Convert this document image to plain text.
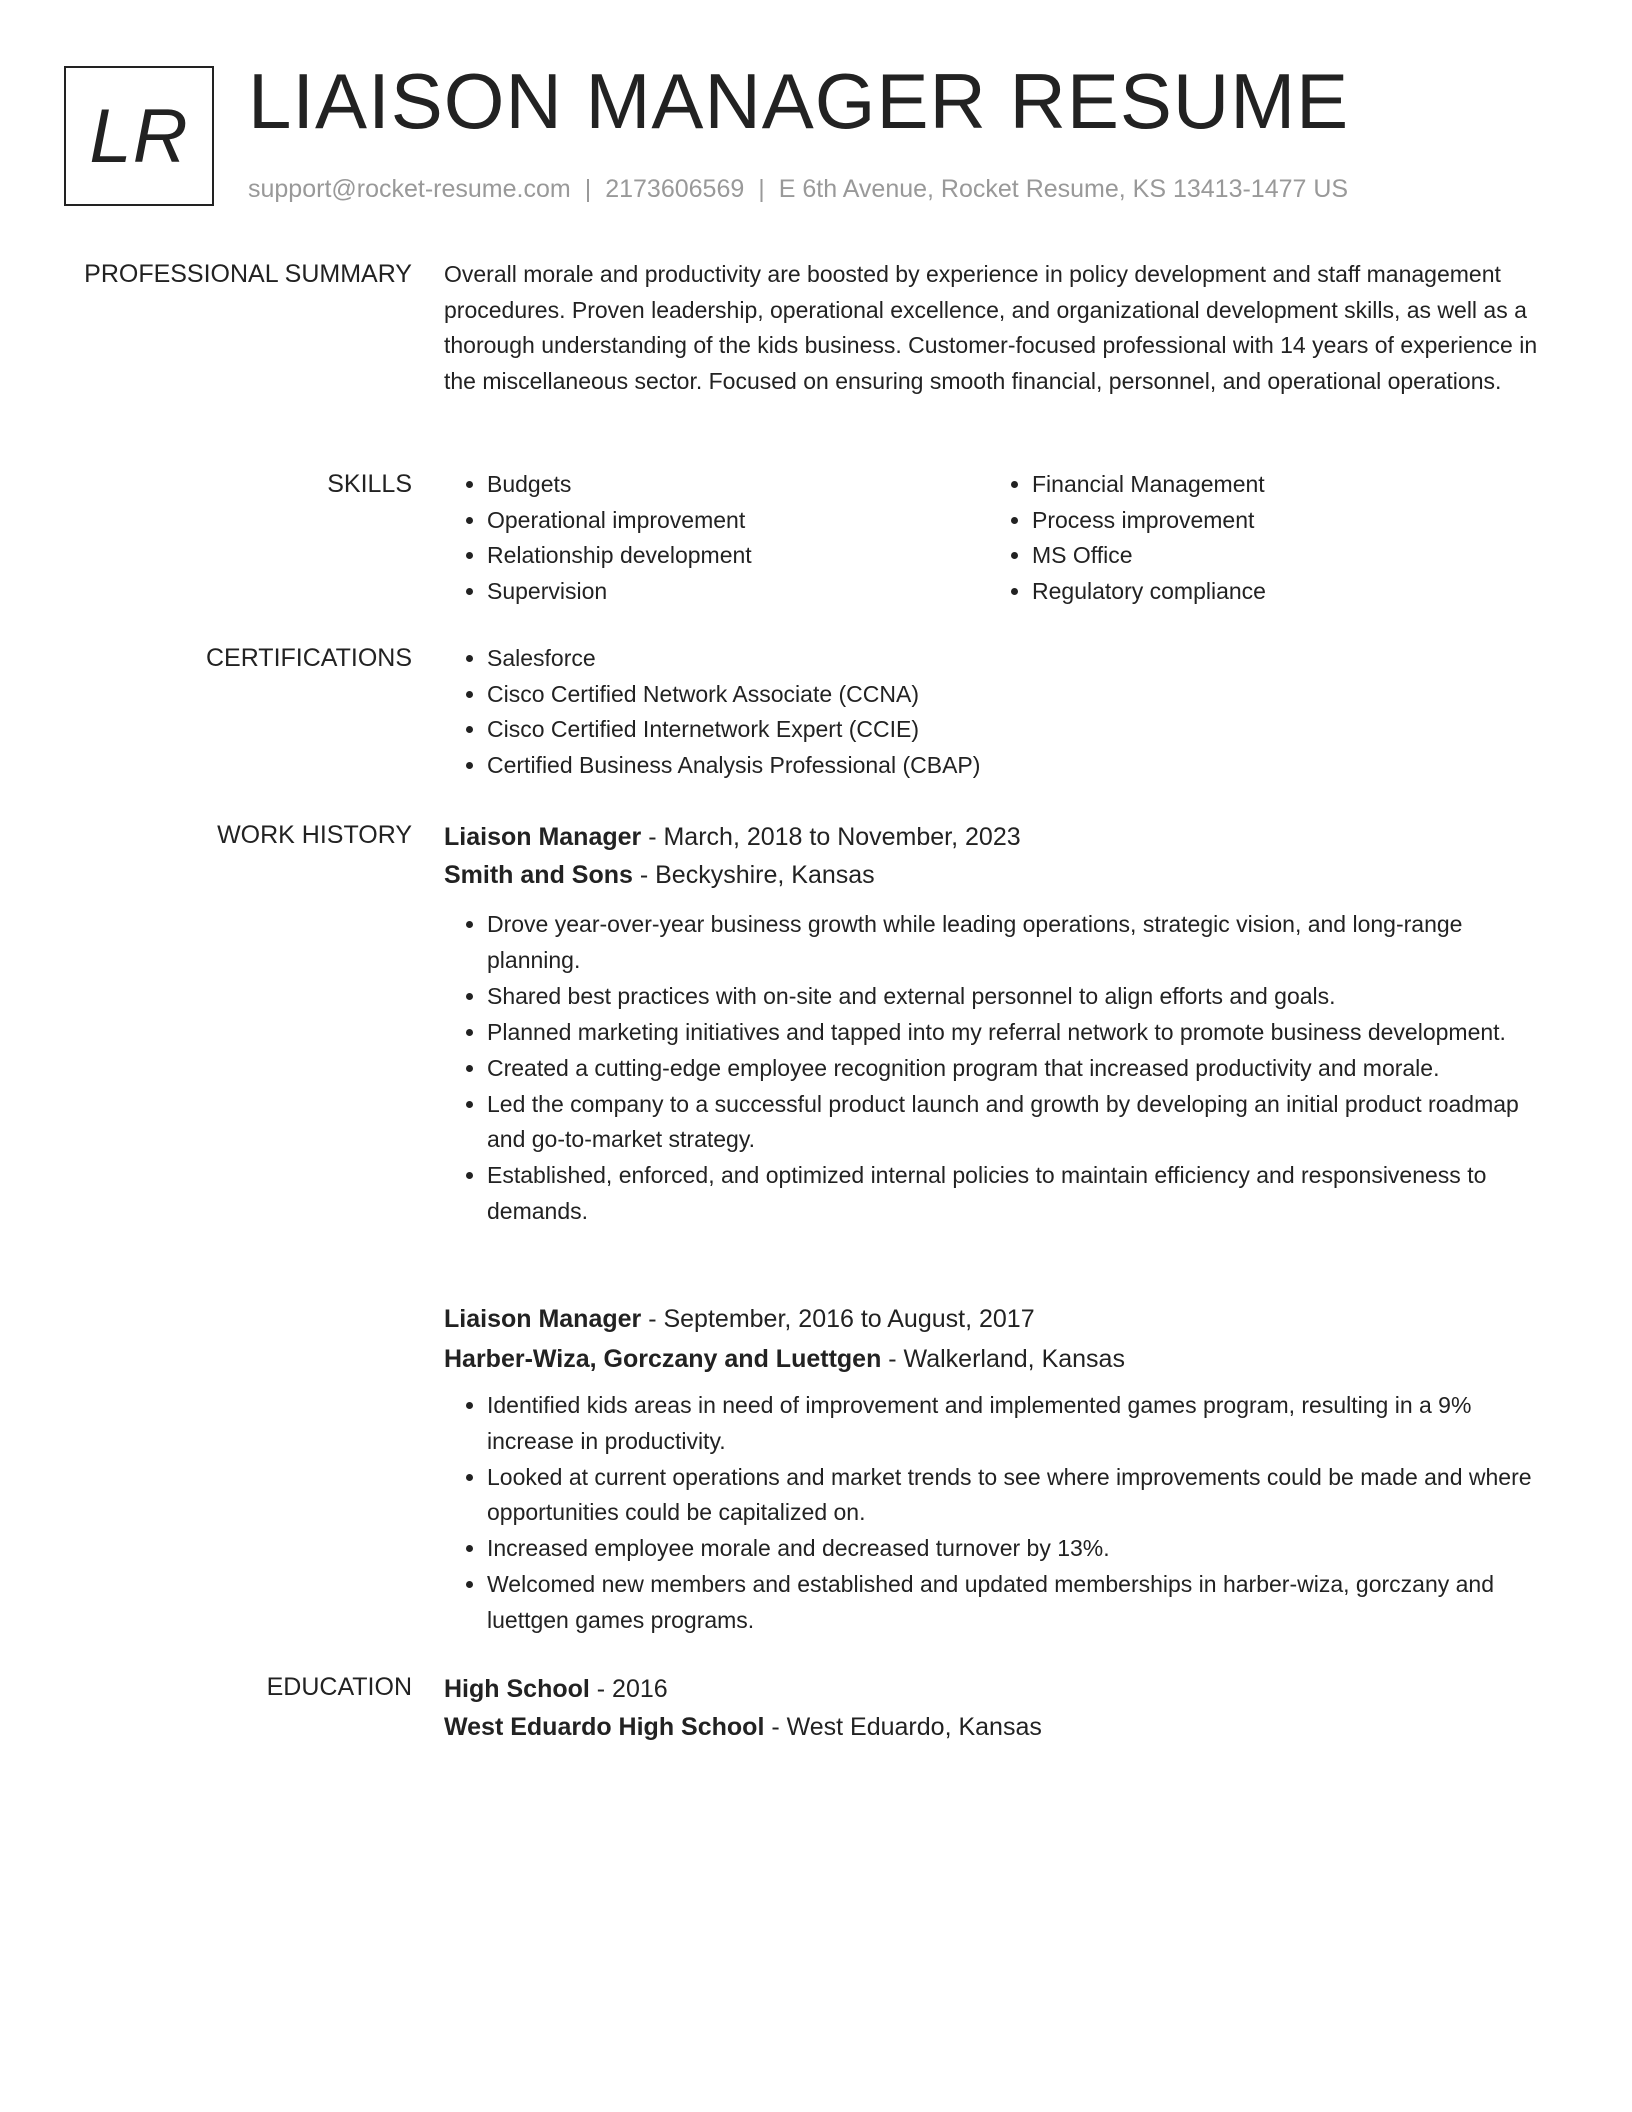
LR LIAISON MANAGER RESUME
support@rocket-resume.com | 2173606569 | E 6th Avenue, Rocket Resume, KS 13413-1477 US
PROFESSIONAL SUMMARY Overall morale and productivity are boosted by experience in policy development and staff management procedures. Proven leadership, operational excellence, and organizational development skills, as well as a thorough understanding of the kids business. Customer-focused professional with 14 years of experience in the miscellaneous sector. Focused on ensuring smooth financial, personnel, and operational operations.

SKILLS	• Budgets
• Operational improvement
• Relationship development
• Supervision
• Financial Management
• Process improvement
• MS Office
• Regulatory compliance
CERTIFICATIONS	• Salesforce
• Cisco Certified Network Associate (CCNA)
• Cisco Certified Internetwork Expert (CCIE)
• Certified Business Analysis Professional (CBAP)
WORK HISTORY Liaison Manager - March, 2018 to November, 2023
Smith and Sons - Beckyshire, Kansas
• Drove year-over-year business growth while leading operations, strategic vision, and long-range planning.
• Shared best practices with on-site and external personnel to align efforts and goals.
• Planned marketing initiatives and tapped into my referral network to promote business development.
• Created a cutting-edge employee recognition program that increased productivity and morale.
• Led the company to a successful product launch and growth by developing an initial product roadmap and go-to-market strategy.
• Established, enforced, and optimized internal policies to maintain efficiency and responsiveness to demands.
Liaison Manager - September, 2016 to August, 2017
Harber-Wiza, Gorczany and Luettgen - Walkerland, Kansas
• Identified kids areas in need of improvement and implemented games program, resulting in a 9% increase in productivity.
• Looked at current operations and market trends to see where improvements could be made and where opportunities could be capitalized on.
• Increased employee morale and decreased turnover by 13%.
• Welcomed new members and established and updated memberships in harber-wiza, gorczany and luettgen games programs.
EDUCATION High School - 2016
West Eduardo High School - West Eduardo, Kansas
